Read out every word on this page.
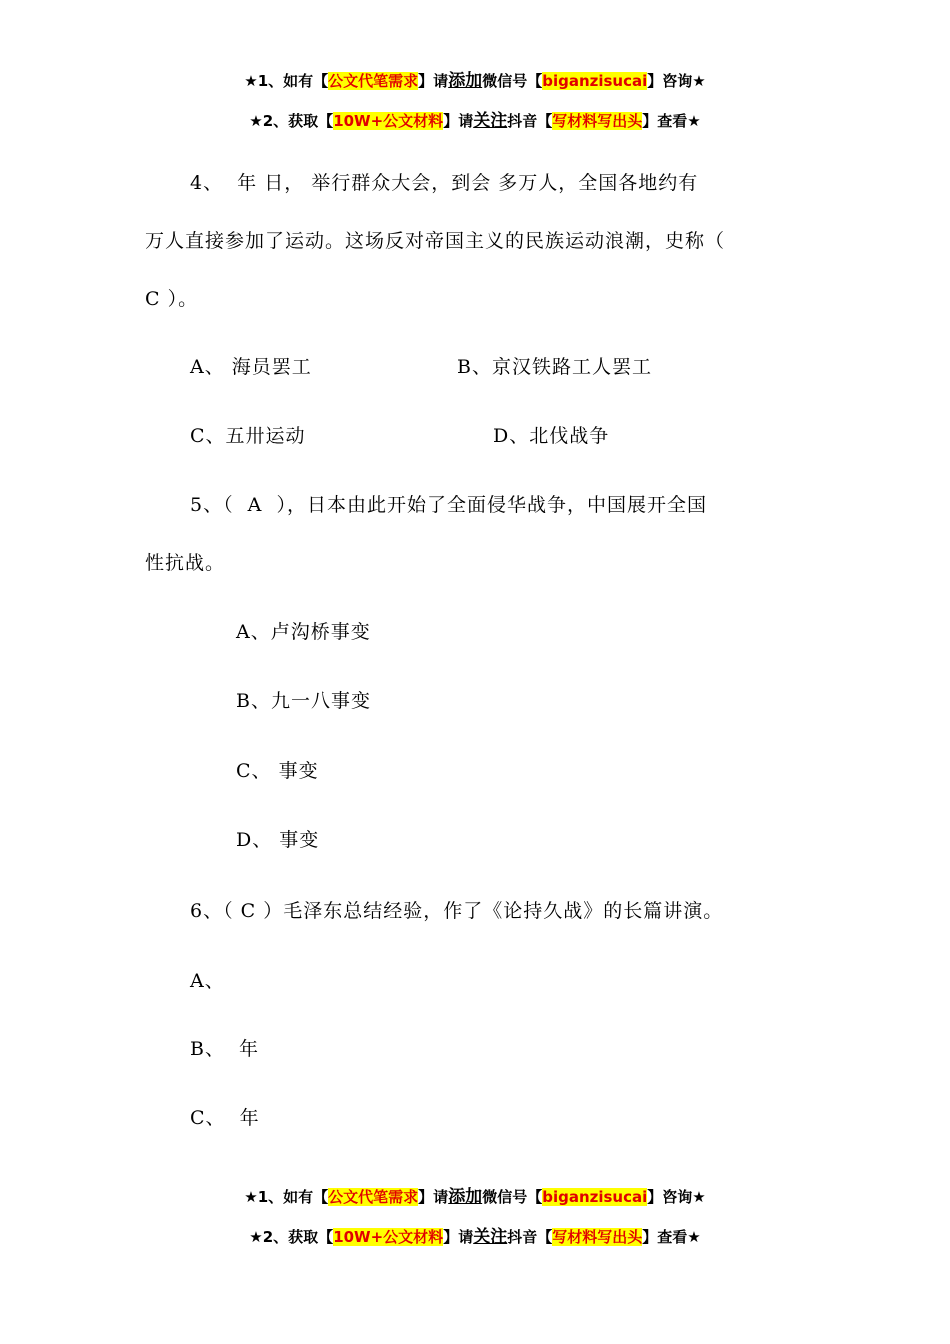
★1、如有【公文代笔需求】请添加微信号【biganzisucai】咨询★
★2、获取【10W+公文材料】请关注抖音【写材料写出头】查看★
4、  年 日， 举行群众大会，到会 多万人，全国各地约有
万人直接参加了运动。这场反对帝国主义的民族运动浪潮，史称（
C ）。
A、 海员罢工	B、京汉铁路工人罢工
C、五卅运动	D、北伐战争
5、（  A  ），日本由此开始了全面侵华战争，中国展开全国
性抗战。
A、卢沟桥事变
B、九一八事变
C、 事变
D、 事变
6、（ C ）毛泽东总结经验，作了《论持久战》的长篇讲演。
A、
B、  年
C、  年
★1、如有【公文代笔需求】请添加微信号【biganzisucai】咨询★
★2、获取【10W+公文材料】请关注抖音【写材料写出头】查看★
